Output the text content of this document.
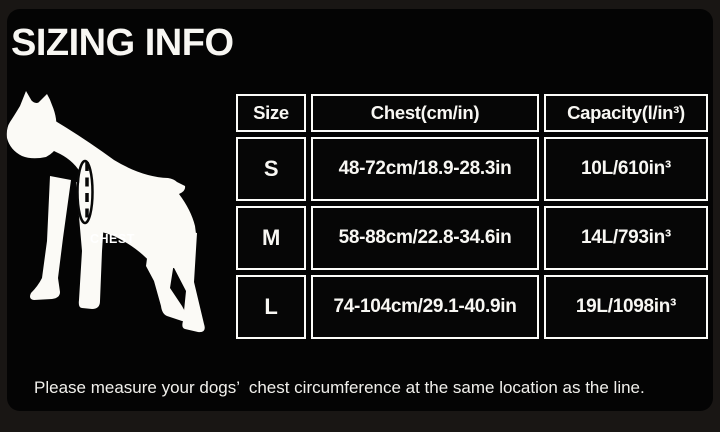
SIZING INFO
CHEST
Size	Chest(cm/in)	Capacity(l/in³)
S	48-72cm/18.9-28.3in	10L/610in³
M	58-88cm/22.8-34.6in	14L/793in³
L	74-104cm/29.1-40.9in	19L/1098in³
Please measure your dogs’  chest circumference at the same location as the line.
